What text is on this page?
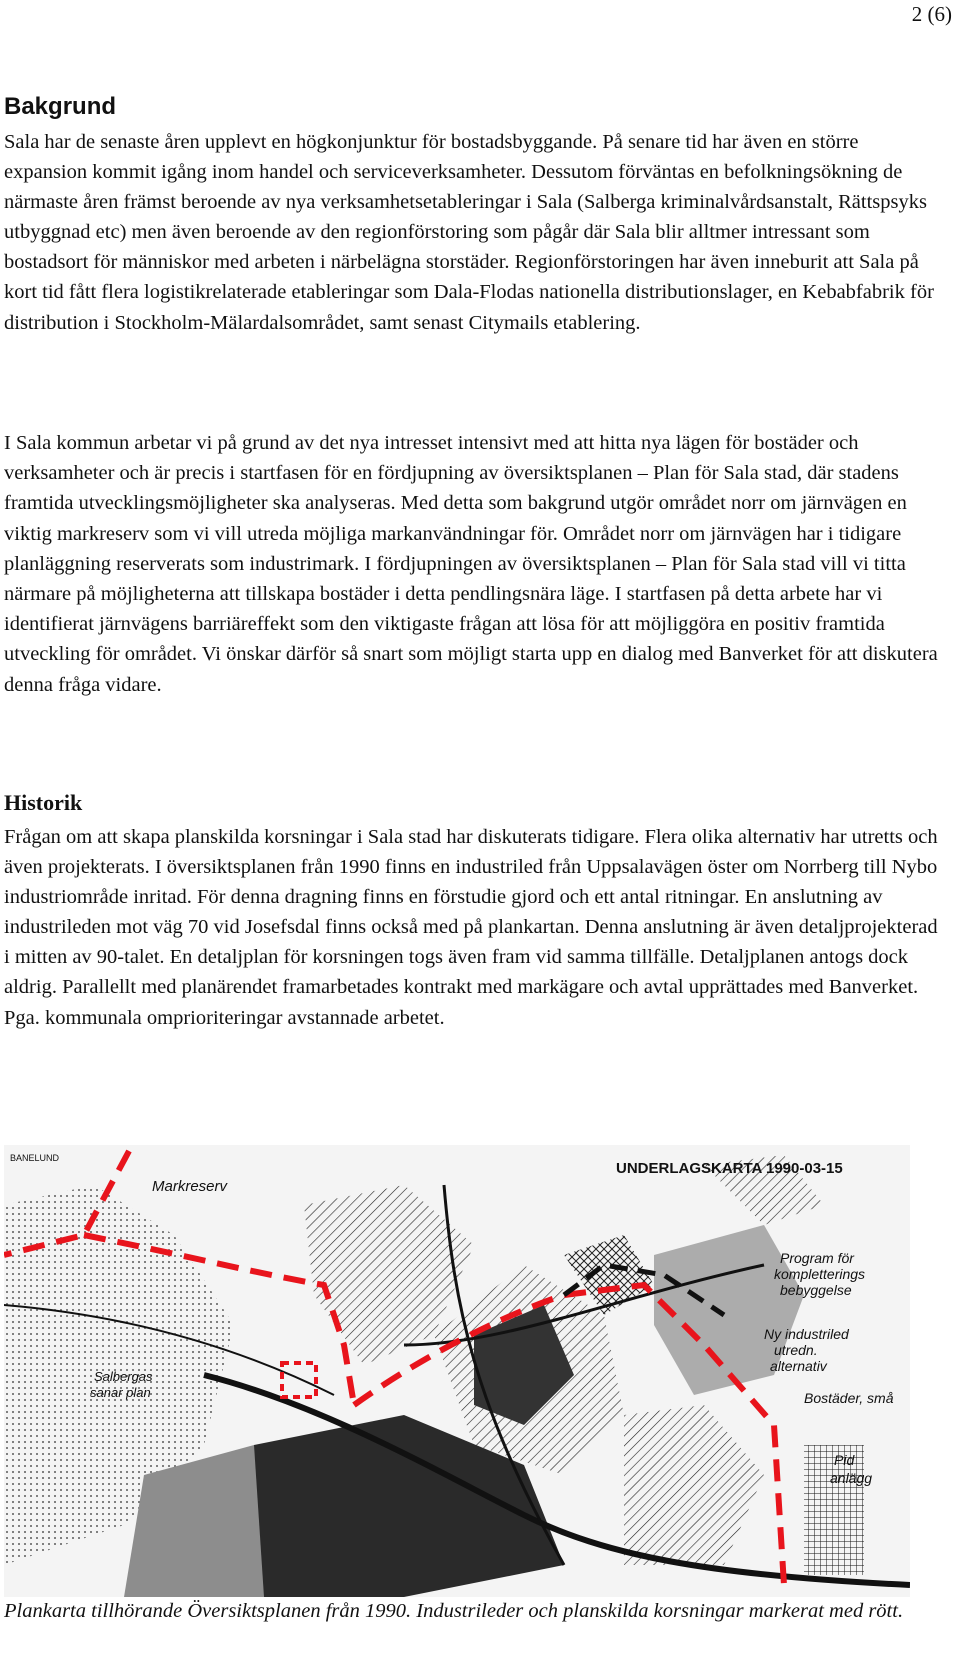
2 (6)
Bakgrund

Sala har de senaste åren upplevt en högkonjunktur för bostadsbyggande. På senare tid har även en större expansion kommit igång inom handel och serviceverksamheter. Dessutom förväntas en befolkningsökning de närmaste åren främst beroende av nya verksamhetsetableringar i Sala (Salberga kriminalvårdsanstalt, Rättspsyks utbyggnad etc) men även beroende av den regionförstoring som pågår där Sala blir alltmer intressant som bostadsort för människor med arbeten i närbelägna storstäder. Regionförstoringen har även inneburit att Sala på kort tid fått flera logistikrelaterade etableringar som Dala-Flodas nationella distributionslager, en Kebabfabrik för distribution i Stockholm-Mälardalsområdet, samt senast Citymails etablering.

I Sala kommun arbetar vi på grund av det nya intresset intensivt med att hitta nya lägen för bostäder och verksamheter och är precis i startfasen för en fördjupning av översiktsplanen – Plan för Sala stad, där stadens framtida utvecklingsmöjligheter ska analyseras. Med detta som bakgrund utgör området norr om järnvägen en viktig markreserv som vi vill utreda möjliga markanvändningar för. Området norr om järnvägen har i tidigare planläggning reserverats som industrimark. I fördjupningen av översiktsplanen – Plan för Sala stad vill vi titta närmare på möjligheterna att tillskapa bostäder i detta pendlingsnära läge. I startfasen på detta arbete har vi identifierat järnvägens barriäreffekt som den viktigaste frågan att lösa för att möjliggöra en positiv framtida utveckling för området. Vi önskar därför så snart som möjligt starta upp en dialog med Banverket för att diskutera denna fråga vidare.

Historik

Frågan om att skapa planskilda korsningar i Sala stad har diskuterats tidigare. Flera olika alternativ har utretts och även projekterats. I översiktsplanen från 1990 finns en industriled från Uppsalavägen öster om Norrberg till Nybo industriområde inritad. För denna dragning finns en förstudie gjord och ett antal ritningar. En anslutning av industrileden mot väg 70 vid Josefsdal finns också med på plankartan. Denna anslutning är även detaljprojekterad i mitten av 90-talet. En detaljplan för korsningen togs även fram vid samma tillfälle. Detaljplanen antogs dock aldrig. Parallellt med planärendet framarbetades kontrakt med markägare och avtal upprättades med Banverket. Pga. kommunala omprioriteringar avstannade arbetet.

UNDERLAGSKARTA 1990-03-15
BANELUND
Markreserv
Program för
kompletterings
bebyggelse
Ny industriled
utredn.
alternativ
Bostäder, små
Pid
anlägg
Salbergas
sanar plan

Plankarta tillhörande Översiktsplanen från 1990. Industrileder och planskilda korsningar markerat med rött.
